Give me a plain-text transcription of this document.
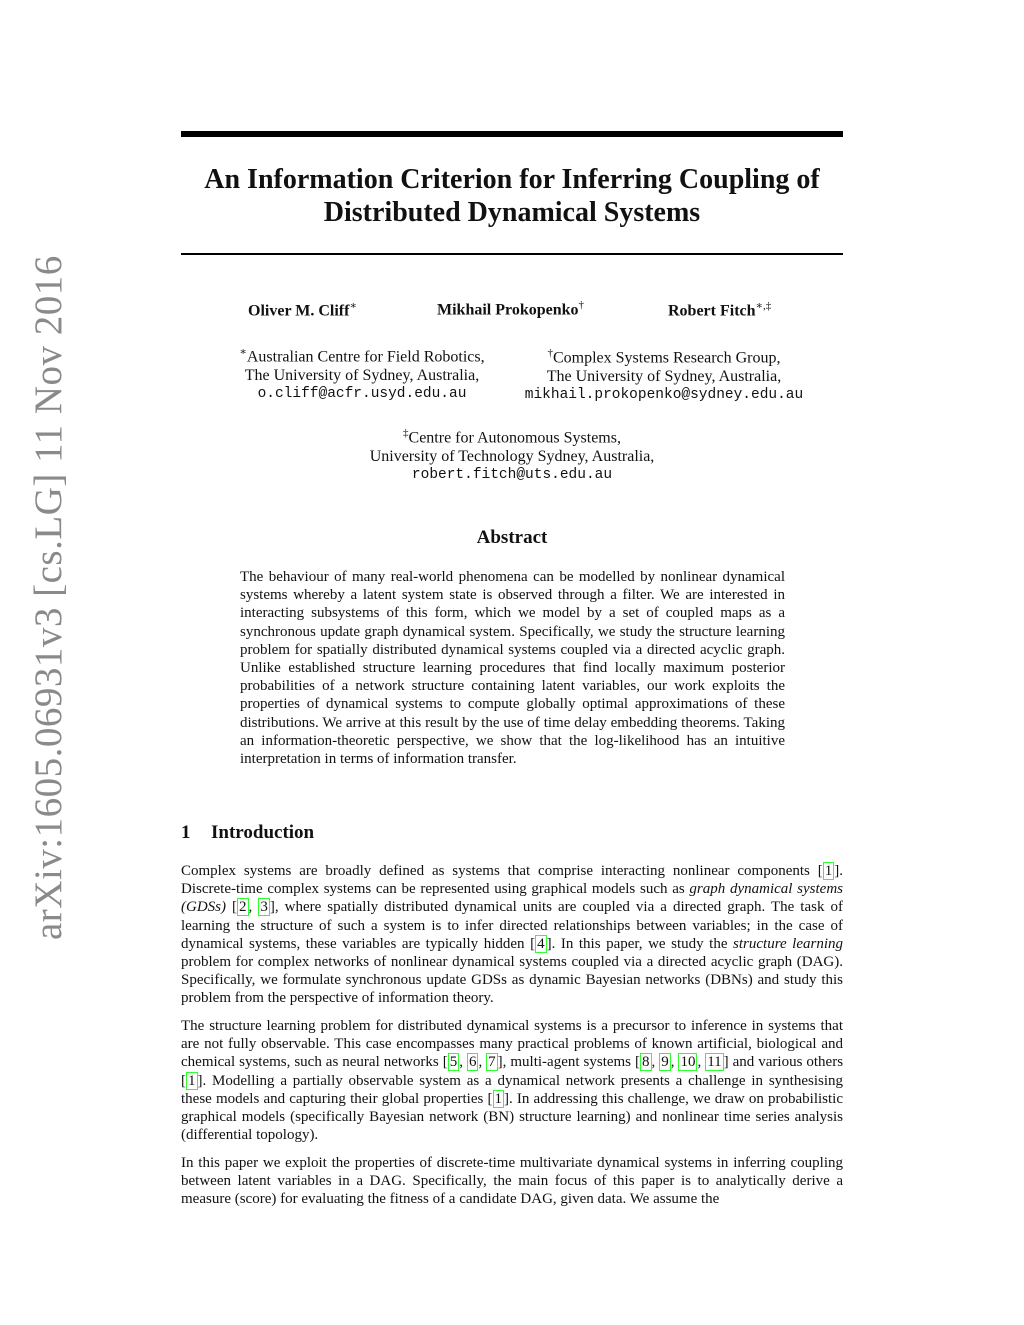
arXiv:1605.06931v3 [cs.LG] 11 Nov 2016
An Information Criterion for Inferring Coupling of
Distributed Dynamical Systems
Oliver M. Cliff∗	Mikhail Prokopenko†	Robert Fitch∗,‡
∗Australian Centre for Field Robotics,
The University of Sydney, Australia,
o.cliff@acfr.usyd.edu.au
†Complex Systems Research Group,
The University of Sydney, Australia,
mikhail.prokopenko@sydney.edu.au
‡Centre for Autonomous Systems,
University of Technology Sydney, Australia,
robert.fitch@uts.edu.au
Abstract
The behaviour of many real-world phenomena can be modelled by nonlinear dynamical systems whereby a latent system state is observed through a filter. We are interested in interacting subsystems of this form, which we model by a set of coupled maps as a synchronous update graph dynamical system. Specifically, we study the structure learning problem for spatially distributed dynamical systems coupled via a directed acyclic graph. Unlike established structure learning procedures that find locally maximum posterior probabilities of a network structure containing latent variables, our work exploits the properties of dynamical systems to compute globally optimal approximations of these distributions. We arrive at this result by the use of time delay embedding theorems. Taking an information-theoretic perspective, we show that the log-likelihood has an intuitive interpretation in terms of information transfer.
1 Introduction
Complex systems are broadly defined as systems that comprise interacting nonlinear components [ 1 ]. Discrete-time complex systems can be represented using graphical models such as graph dynamical systems (GDSs) [ 2 , 3 ], where spatially distributed dynamical units are coupled via a directed graph. The task of learning the structure of such a system is to infer directed relationships between variables; in the case of dynamical systems, these variables are typically hidden [ 4 ]. In this paper, we study the structure learning problem for complex networks of nonlinear dynamical systems coupled via a directed acyclic graph (DAG). Specifically, we formulate synchronous update GDSs as dynamic Bayesian networks (DBNs) and study this problem from the perspective of information theory.
The structure learning problem for distributed dynamical systems is a precursor to inference in systems that are not fully observable. This case encompasses many practical problems of known artificial, biological and chemical systems, such as neural networks [ 5 , 6 , 7 ], multi-agent systems [ 8 , 9 , 10 , 11 ] and various others [ 1 ]. Modelling a partially observable system as a dynamical network presents a challenge in synthesising these models and capturing their global properties [ 1 ]. In addressing this challenge, we draw on probabilistic graphical models (specifically Bayesian network (BN) structure learning) and nonlinear time series analysis (differential topology).
In this paper we exploit the properties of discrete-time multivariate dynamical systems in inferring coupling between latent variables in a DAG. Specifically, the main focus of this paper is to analytically derive a measure (score) for evaluating the fitness of a candidate DAG, given data. We assume the
